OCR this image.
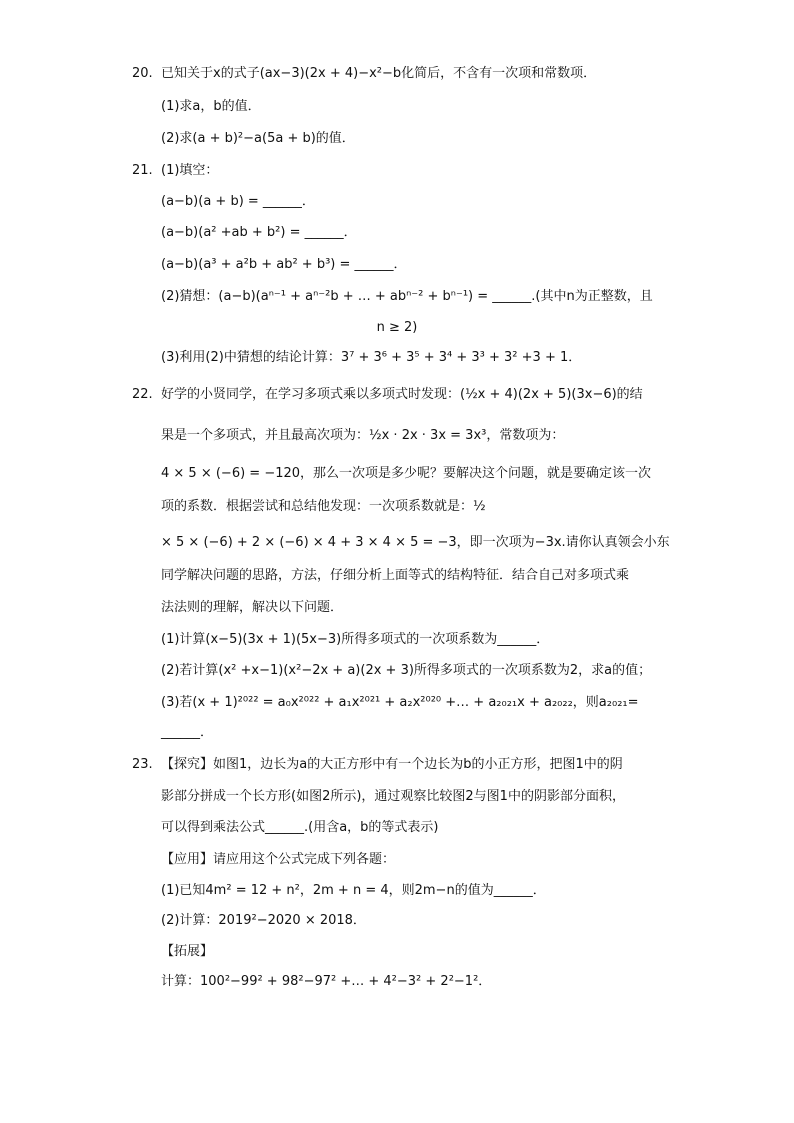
20. 已知关于x的式子(ax−3)(2x + 4)−x²−b化简后，不含有一次项和常数项．
(1)求a，b的值．
(2)求(a + b)²−a(5a + b)的值．
21. (1)填空：
(a−b)(a + b) = ______．
(a−b)(a² +ab + b²) = ______．
(a−b)(a³ + a²b + ab² + b³) = ______．
(2)猜想：(a−b)(aⁿ⁻¹ + aⁿ⁻²b + … + abⁿ⁻² + bⁿ⁻¹) = ______.(其中n为正整数，且
n ≥ 2)
(3)利用(2)中猜想的结论计算：3⁷ + 3⁶ + 3⁵ + 3⁴ + 3³ + 3² +3 + 1．
22. 好学的小贤同学，在学习多项式乘以多项式时发现：(½x + 4)(2x + 5)(3x−6)的结
果是一个多项式，并且最高次项为：½x · 2x · 3x = 3x³，常数项为：
4 × 5 × (−6) = −120，那么一次项是多少呢？要解决这个问题，就是要确定该一次
项的系数．根据尝试和总结他发现：一次项系数就是：½
× 5 × (−6) + 2 × (−6) × 4 + 3 × 4 × 5 = −3，即一次项为−3x.请你认真领会小东
同学解决问题的思路，方法，仔细分析上面等式的结构特征．结合自己对多项式乘
法法则的理解，解决以下问题．
(1)计算(x−5)(3x + 1)(5x−3)所得多项式的一次项系数为______．
(2)若计算(x² +x−1)(x²−2x + a)(2x + 3)所得多项式的一次项系数为2，求a的值；
(3)若(x + 1)²⁰²² = a₀x²⁰²² + a₁x²⁰²¹ + a₂x²⁰²⁰ +… + a₂₀₂₁x + a₂₀₂₂，则a₂₀₂₁=
______．
23. 【探究】如图1，边长为a的大正方形中有一个边长为b的小正方形，把图1中的阴
影部分拼成一个长方形(如图2所示)，通过观察比较图2与图1中的阴影部分面积，
可以得到乘法公式______.(用含a，b的等式表示)
【应用】请应用这个公式完成下列各题：
(1)已知4m² = 12 + n²，2m + n = 4，则2m−n的值为______．
(2)计算：2019²−2020 × 2018．
【拓展】
计算：100²−99² + 98²−97² +… + 4²−3² + 2²−1²．
